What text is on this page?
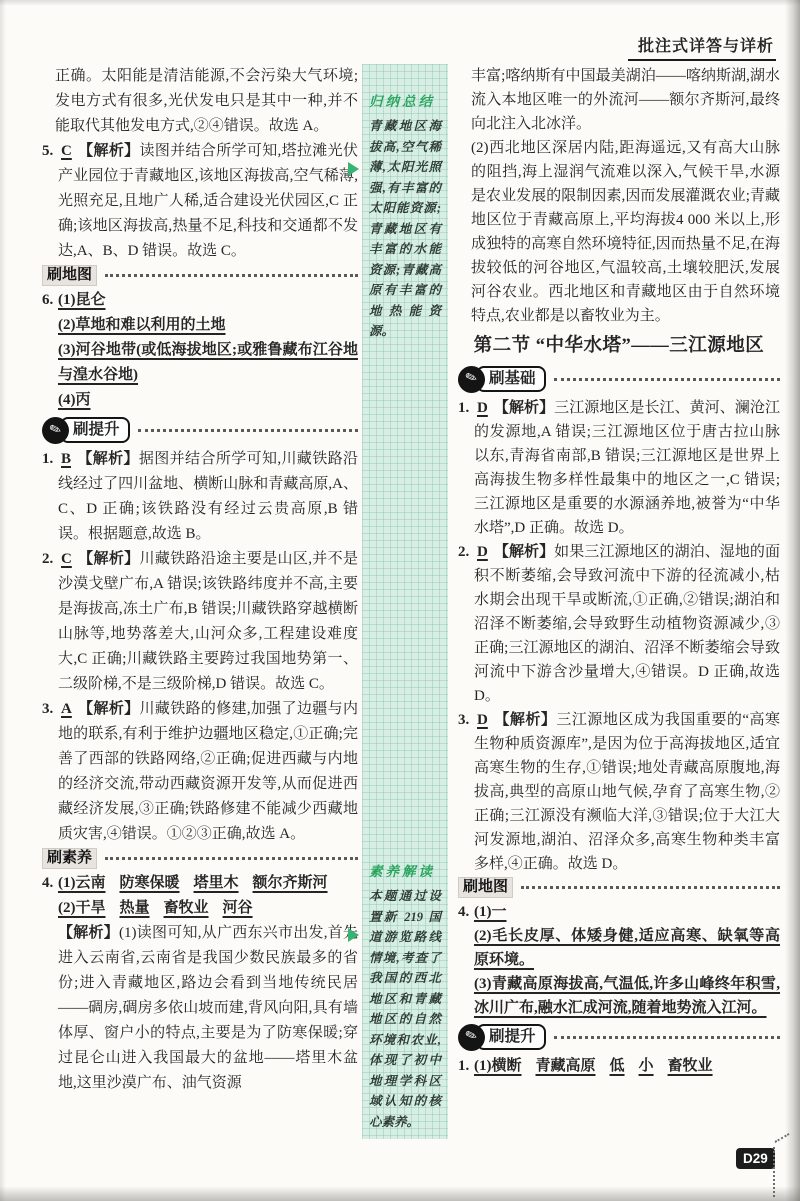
批注式详答与详析

正确。太阳能是清洁能源,不会污染大气环境;发电方式有很多,光伏发电只是其中一种,并不能取代其他发电方式,②④错误。故选 A。

5. C 【解析】读图并结合所学可知,塔拉滩光伏产业园位于青藏地区,该地区海拔高,空气稀薄,光照充足,且地广人稀,适合建设光伏园区,C 正确;该地区海拔高,热量不足,科技和交通都不发达,A、B、D 错误。故选 C。
刷地图
6. (1)昆仑
(2)草地和难以利用的土地
(3)河谷地带(或低海拔地区;或雅鲁藏布江谷地与湟水谷地)
(4)丙
✎ 刷提升
1. B 【解析】据图并结合所学可知,川藏铁路沿线经过了四川盆地、横断山脉和青藏高原,A、C、D 正确;该铁路没有经过云贵高原,B 错误。根据题意,故选 B。
2. C 【解析】川藏铁路沿途主要是山区,并不是沙漠戈壁广布,A 错误;该铁路纬度并不高,主要是海拔高,冻土广布,B 错误;川藏铁路穿越横断山脉等,地势落差大,山河众多,工程建设难度大,C 正确;川藏铁路主要跨过我国地势第一、二级阶梯,不是三级阶梯,D 错误。故选 C。
3. A 【解析】川藏铁路的修建,加强了边疆与内地的联系,有利于维护边疆地区稳定,①正确;完善了西部的铁路网络,②正确;促进西藏与内地的经济交流,带动西藏资源开发等,从而促进西藏经济发展,③正确;铁路修建不能减少西藏地质灾害,④错误。①②③正确,故选 A。
刷素养
4. (1)云南 防寒保暖 塔里木 额尔齐斯河
(2)干旱 热量 畜牧业 河谷
【解析】(1)读图可知,从广西东兴市出发,首先进入云南省,云南省是我国少数民族最多的省份;进入青藏地区,路边会看到当地传统民居——碉房,碉房多依山坡而建,背风向阳,具有墙体厚、窗户小的特点,主要是为了防寒保暖;穿过昆仑山进入我国最大的盆地——塔里木盆地,这里沙漠广布、油气资源

归纳总结

青藏地区海拔高,空气稀薄,太阳光照强,有丰富的太阳能资源;青藏地区有丰富的水能资源;青藏高原有丰富的地热能资源。

素养解读

本题通过设置新 219 国道游览路线情境,考查了我国的西北地区和青藏地区的自然环境和农业,体现了初中地理学科区域认知的核心素养。

丰富;喀纳斯有中国最美湖泊——喀纳斯湖,湖水流入本地区唯一的外流河——额尔齐斯河,最终向北注入北冰洋。

(2)西北地区深居内陆,距海遥远,又有高大山脉的阻挡,海上湿润气流难以深入,气候干旱,水源是农业发展的限制因素,因而发展灌溉农业;青藏地区位于青藏高原上,平均海拔4 000 米以上,形成独特的高寒自然环境特征,因而热量不足,在海拔较低的河谷地区,气温较高,土壤较肥沃,发展河谷农业。西北地区和青藏地区由于自然环境特点,农业都是以畜牧业为主。

第二节 “中华水塔”——三江源地区
✎ 刷基础
1. D 【解析】三江源地区是长江、黄河、澜沧江的发源地,A 错误;三江源地区位于唐古拉山脉以东,青海省南部,B 错误;三江源地区是世界上高海拔生物多样性最集中的地区之一,C 错误;三江源地区是重要的水源涵养地,被誉为“中华水塔”,D 正确。故选 D。
2. D 【解析】如果三江源地区的湖泊、湿地的面积不断萎缩,会导致河流中下游的径流减小,枯水期会出现干旱或断流,①正确,②错误;湖泊和沼泽不断萎缩,会导致野生动植物资源减少,③正确;三江源地区的湖泊、沼泽不断萎缩会导致河流中下游含沙量增大,④错误。D 正确,故选 D。
3. D 【解析】三江源地区成为我国重要的“高寒生物种质资源库”,是因为位于高海拔地区,适宜高寒生物的生存,①错误;地处青藏高原腹地,海拔高,典型的高原山地气候,孕育了高寒生物,②正确;三江源没有濒临大洋,③错误;位于大江大河发源地,湖泊、沼泽众多,高寒生物种类丰富多样,④正确。故选 D。
刷地图
4. (1)一
(2)毛长皮厚、体矮身健,适应高寒、缺氧等高原环境。
(3)青藏高原海拔高,气温低,许多山峰终年积雪,冰川广布,融水汇成河流,随着地势流入江河。
✎ 刷提升
1. (1)横断 青藏高原 低 小 畜牧业
D29
